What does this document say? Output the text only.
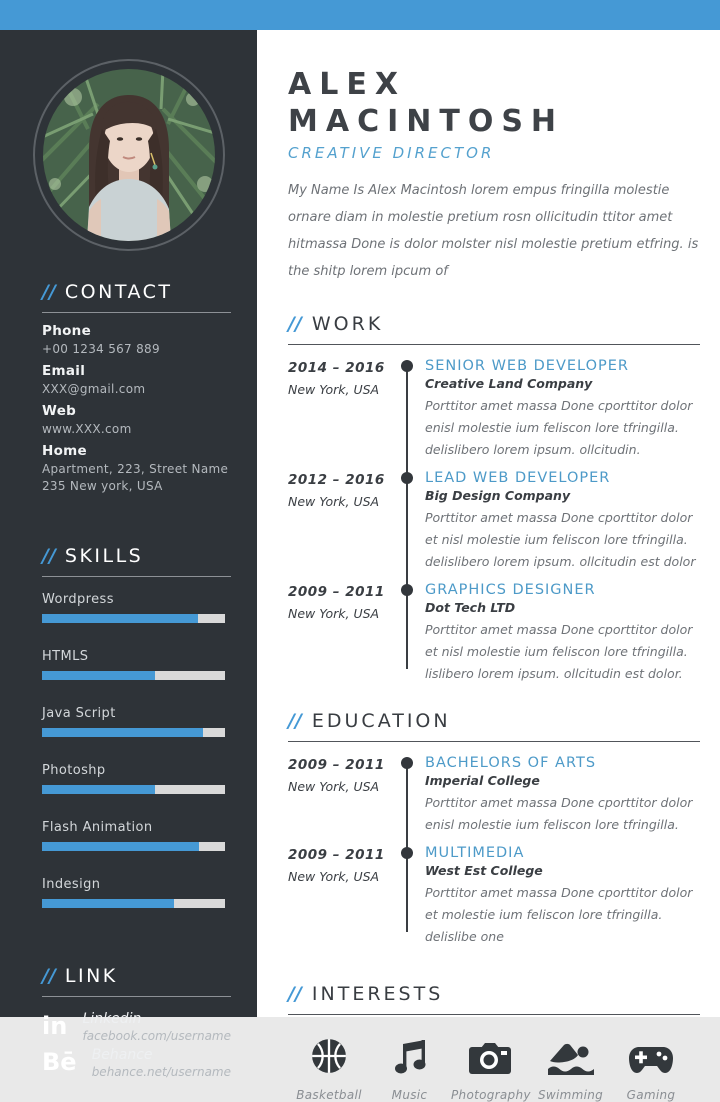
// CONTACT
Phone
+00 1234 567 889
Email
XXX@gmail.com
Web
www.XXX.com
Home
Apartment, 223, Street Name
235 New york, USA
// SKILLS
Wordpress
HTMLS
Java Script
Photoshp
Flash Animation
Indesign
// LINK
in Linkedin
facebook.com/username
Bē Behance
behance.net/username
ALEX
MACINTOSH
CREATIVE DIRECTOR

My Name Is Alex Macintosh lorem empus fringilla molestie ornare diam in molestie pretium rosn ollicitudin ttitor amet hitmassa Done is dolor molster nisl molestie pretium etfring. is the shitp lorem ipcum of

// WORK
2014 – 2016
New York, USA
SENIOR WEB DEVELOPER
Creative Land Company
Porttitor amet massa Done cporttitor dolor enisl molestie ium feliscon lore tfringilla. delislibero lorem ipsum. ollcitudin.
2012 – 2016
New York, USA
LEAD WEB DEVELOPER
Big Design Company
Porttitor amet massa Done cporttitor dolor et nisl molestie ium feliscon lore tfringilla. delislibero lorem ipsum. ollcitudin est dolor
2009 – 2011
New York, USA
GRAPHICS DESIGNER
Dot Tech LTD
Porttitor amet massa Done cporttitor dolor et nisl molestie ium feliscon lore tfringilla. lislibero lorem ipsum. ollcitudin est dolor.
// EDUCATION
2009 – 2011
New York, USA
BACHELORS OF ARTS
Imperial College
Porttitor amet massa Done cporttitor dolor enisl molestie ium feliscon lore tfringilla.
2009 – 2011
New York, USA
MULTIMEDIA
West Est College
Porttitor amet massa Done cporttitor dolor et molestie ium feliscon lore tfringilla. delislibe one
// INTERESTS
Basketball	Music	Photography Swimming	Gaming
